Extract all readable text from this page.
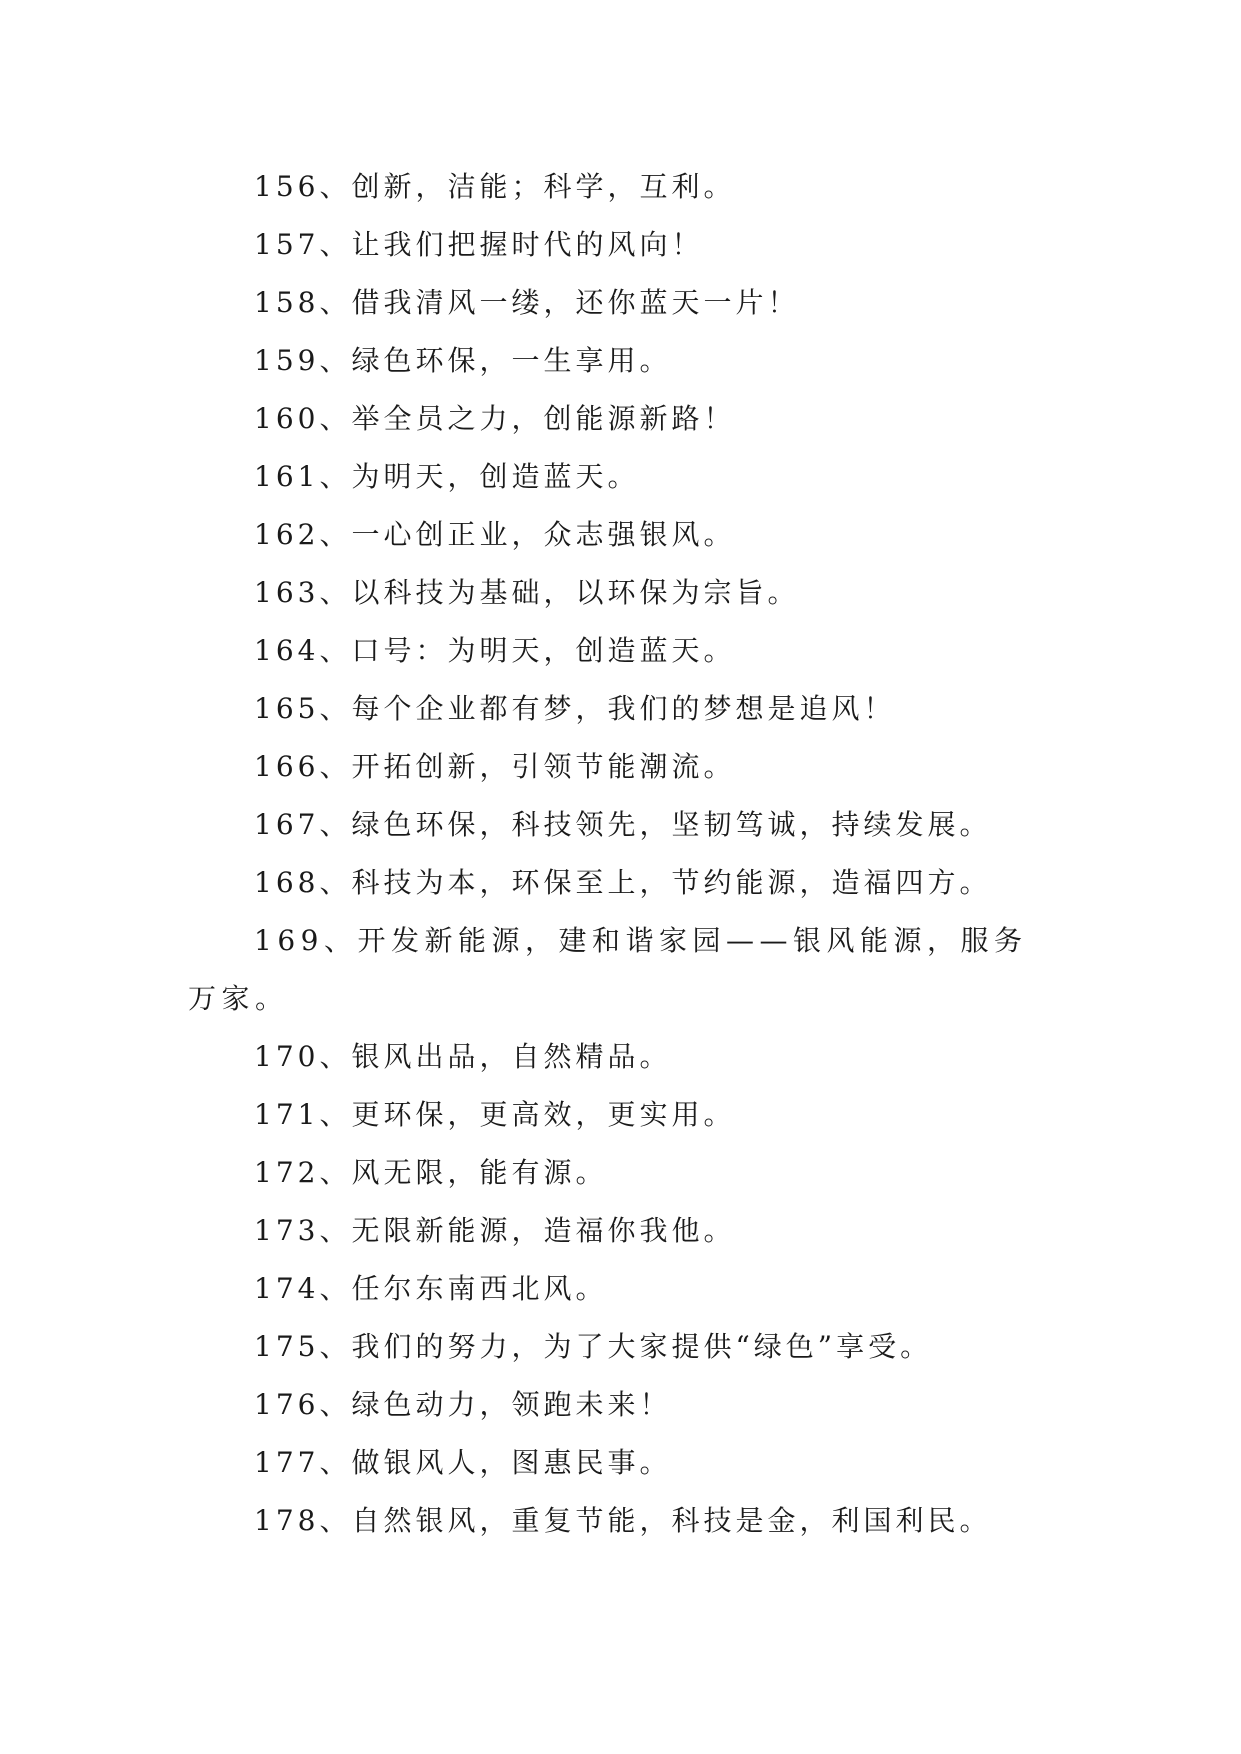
156、创新，洁能；科学，互利。
157、让我们把握时代的风向！
158、借我清风一缕，还你蓝天一片！
159、绿色环保，一生享用。
160、举全员之力，创能源新路！
161、为明天，创造蓝天。
162、一心创正业，众志强银风。
163、以科技为基础，以环保为宗旨。
164、口号：为明天，创造蓝天。
165、每个企业都有梦，我们的梦想是追风！
166、开拓创新，引领节能潮流。
167、绿色环保，科技领先，坚韧笃诚，持续发展。
168、科技为本，环保至上，节约能源，造福四方。
169、开发新能源，建和谐家园——银风能源，服务万家。
170、银风出品，自然精品。
171、更环保，更高效，更实用。
172、风无限，能有源。
173、无限新能源，造福你我他。
174、任尔东南西北风。
175、我们的努力，为了大家提供“绿色”享受。
176、绿色动力，领跑未来！
177、做银风人，图惠民事。
178、自然银风，重复节能，科技是金，利国利民。
